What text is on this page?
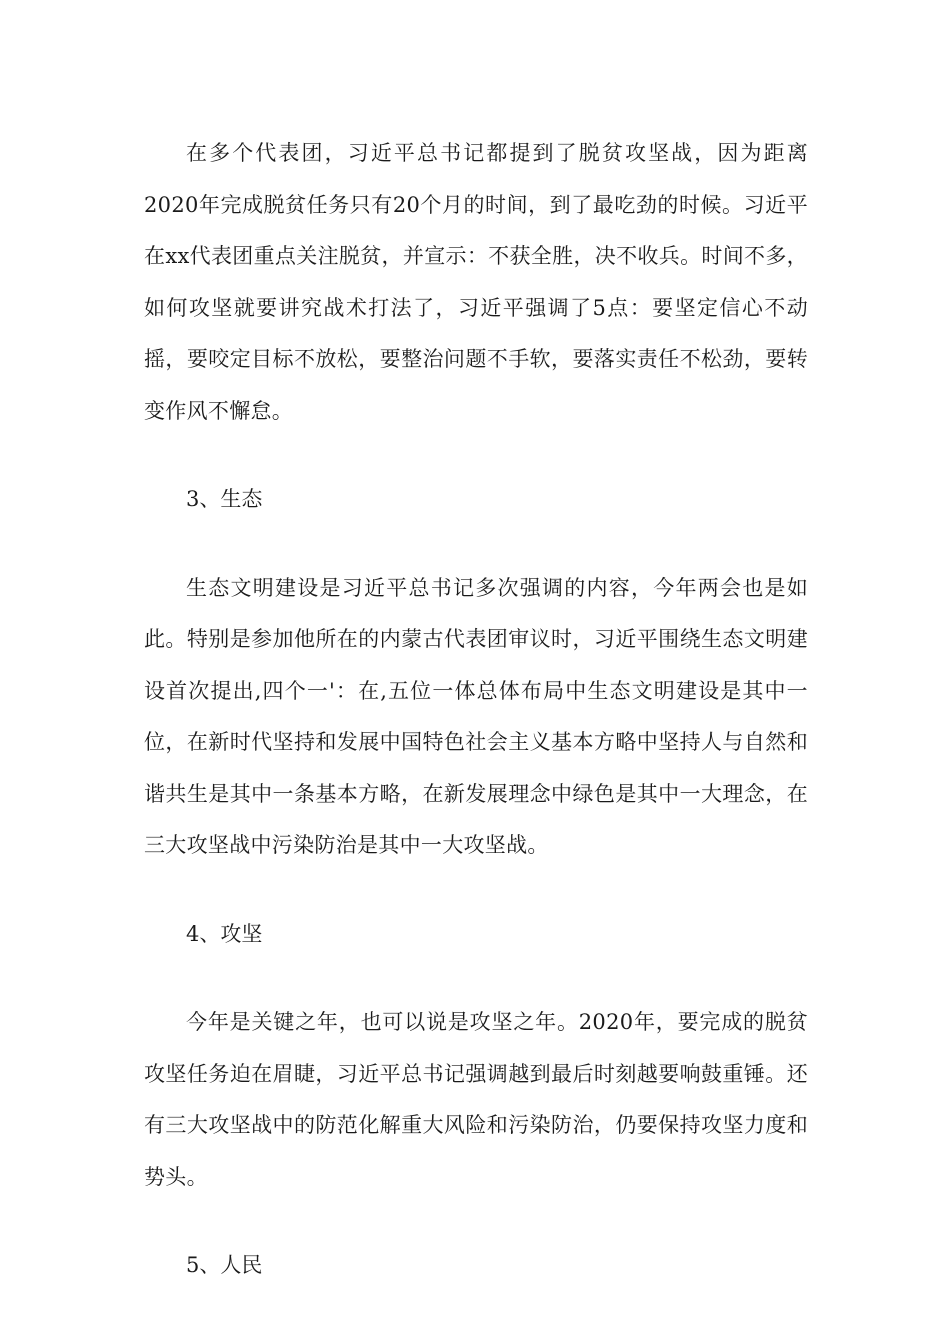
在多个代表团，习近平总书记都提到了脱贫攻坚战，因为距离2020年完成脱贫任务只有20个月的时间，到了最吃劲的时候。习近平在xx代表团重点关注脱贫，并宣示：不获全胜，决不收兵。时间不多，如何攻坚就要讲究战术打法了，习近平强调了5点：要坚定信心不动摇，要咬定目标不放松，要整治问题不手软，要落实责任不松劲，要转变作风不懈怠。

3、生态

生态文明建设是习近平总书记多次强调的内容，今年两会也是如此。特别是参加他所在的内蒙古代表团审议时，习近平围绕生态文明建设首次提出,四个一'：在,五位一体总体布局中生态文明建设是其中一位，在新时代坚持和发展中国特色社会主义基本方略中坚持人与自然和谐共生是其中一条基本方略，在新发展理念中绿色是其中一大理念，在三大攻坚战中污染防治是其中一大攻坚战。

4、攻坚

今年是关键之年，也可以说是攻坚之年。2020年，要完成的脱贫攻坚任务迫在眉睫，习近平总书记强调越到最后时刻越要响鼓重锤。还有三大攻坚战中的防范化解重大风险和污染防治，仍要保持攻坚力度和势头。

5、人民
